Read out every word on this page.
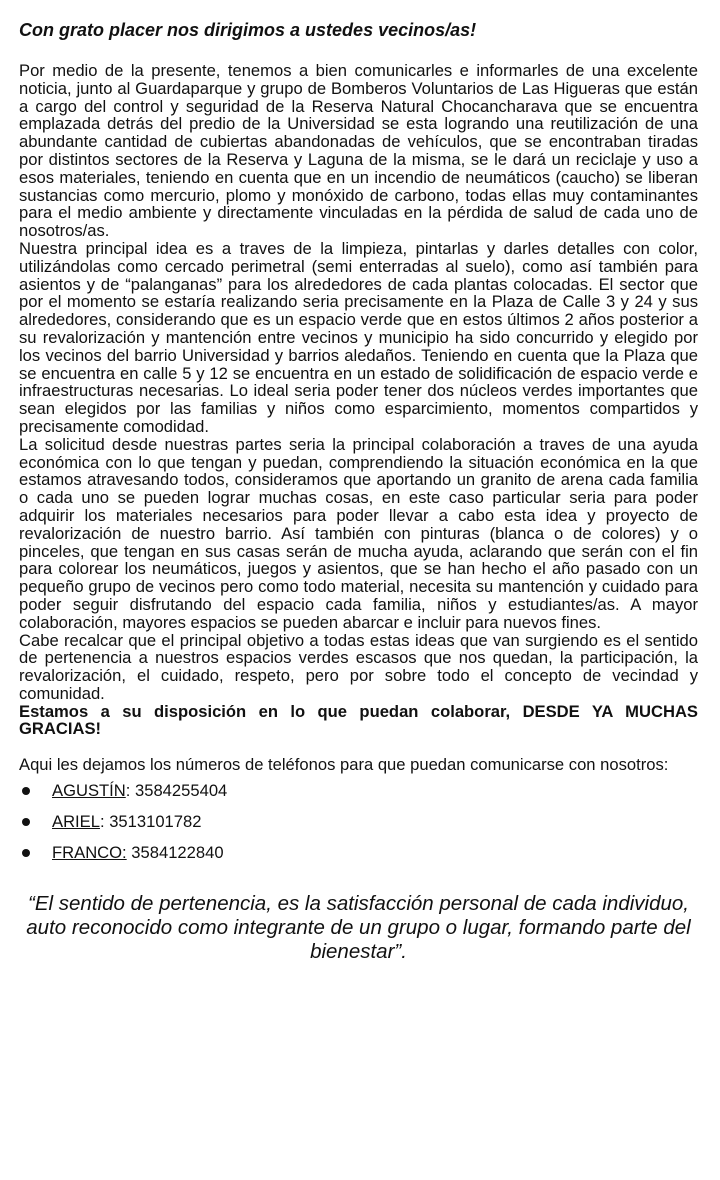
Con grato placer nos dirigimos a ustedes vecinos/as!

Por medio de la presente, tenemos a bien comunicarles e informarles de una excelente noticia, junto al Guardaparque y grupo de Bomberos Voluntarios de Las Higueras que están a cargo del control y seguridad de la Reserva Natural Chocancharava que se encuentra emplazada detrás del predio de la Universidad se esta logrando una reutilización de una abundante cantidad de cubiertas abandonadas de vehículos, que se encontraban tiradas por distintos sectores de la Reserva y Laguna de la misma, se le dará un reciclaje y uso a esos materiales, teniendo en cuenta que en un incendio de neumáticos (caucho) se liberan sustancias como mercurio, plomo y monóxido de carbono, todas ellas muy contaminantes para el medio ambiente y directamente vinculadas en la pérdida de salud de cada uno de nosotros/as.

Nuestra principal idea es a traves de la limpieza, pintarlas y darles detalles con color, utilizándolas como cercado perimetral (semi enterradas al suelo), como así también para asientos y de “palanganas” para los alrededores de cada plantas colocadas. El sector que por el momento se estaría realizando seria precisamente en la Plaza de Calle 3 y 24 y sus alrededores, considerando que es un espacio verde que en estos últimos 2 años posterior a su revalorización y mantención entre vecinos y municipio ha sido concurrido y elegido por los vecinos del barrio Universidad y barrios aledaños. Teniendo en cuenta que la Plaza que se encuentra en calle 5 y 12 se encuentra en un estado de solidificación de espacio verde e infraestructuras necesarias. Lo ideal seria poder tener dos núcleos verdes importantes que sean elegidos por las familias y niños como esparcimiento, momentos compartidos y precisamente comodidad.

La solicitud desde nuestras partes seria la principal colaboración a traves de una ayuda económica con lo que tengan y puedan, comprendiendo la situación económica en la que estamos atravesando todos, consideramos que aportando un granito de arena cada familia o cada uno se pueden lograr muchas cosas, en este caso particular seria para poder adquirir los materiales necesarios para poder llevar a cabo esta idea y proyecto de revalorización de nuestro barrio. Así también con pinturas (blanca o de colores) y o pinceles, que tengan en sus casas serán de mucha ayuda, aclarando que serán con el fin para colorear los neumáticos, juegos y asientos, que se han hecho el año pasado con un pequeño grupo de vecinos pero como todo material, necesita su mantención y cuidado para poder seguir disfrutando del espacio cada familia, niños y estudiantes/as. A mayor colaboración, mayores espacios se pueden abarcar e incluir para nuevos fines.

Cabe recalcar que el principal objetivo a todas estas ideas que van surgiendo es el sentido de pertenencia a nuestros espacios verdes escasos que nos quedan, la participación, la revalorización, el cuidado, respeto, pero por sobre todo el concepto de vecindad y comunidad.

Estamos a su disposición en lo que puedan colaborar, DESDE YA MUCHAS GRACIAS!

Aqui les dejamos los números de teléfonos para que puedan comunicarse con nosotros:

AGUSTÍN: 3584255404
ARIEL: 3513101782
FRANCO: 3584122840

“El sentido de pertenencia, es la satisfacción personal de cada individuo, auto reconocido como integrante de un grupo o lugar, formando parte del bienestar”.
